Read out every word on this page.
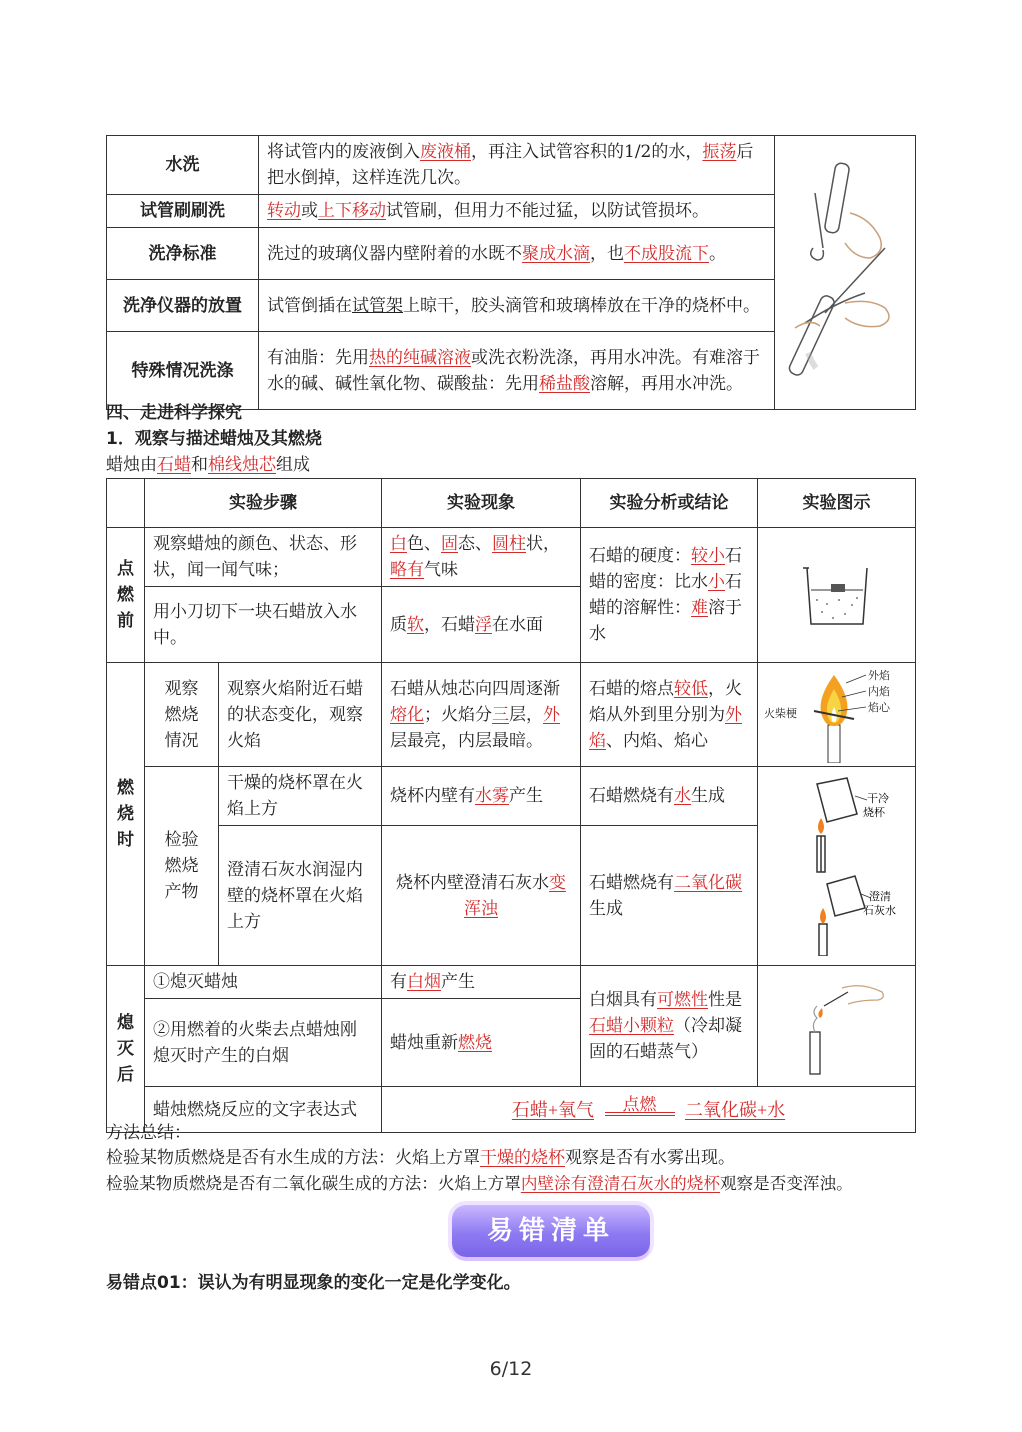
水洗	将试管内的废液倒入废液桶，再注入试管容积的1/2的水，振荡后把水倒掉，这样连洗几次。	

试管刷刷洗	转动或上下移动试管刷，但用力不能过猛，以防试管损坏。	
洗净标准	洗过的玻璃仪器内壁附着的水既不聚成水滴，也不成股流下。	
洗净仪器的放置	试管倒插在试管架上晾干，胶头滴管和玻璃棒放在干净的烧杯中。	
特殊情况洗涤	有油脂：先用热的纯碱溶液或洗衣粉洗涤，再用水冲洗。有难溶于水的碱、碱性氧化物、碳酸盐：先用稀盐酸溶解，再用水冲洗。	
四、走进科学探究
1．观察与描述蜡烛及其燃烧
蜡烛由石蜡和棉线烛芯组成
	实验步骤		实验现象	实验分析或结论	实验图示

点燃前	观察蜡烛的颜色、状态、形状，闻一闻气味；		白色、固态、圆柱状，略有气味	石蜡的硬度：较小石蜡的密度：比水小石蜡的溶解性：难溶于水	

	用小刀切下一块石蜡放入水中。		质软，石蜡浮在水面		

燃烧时	观察燃烧情况	观察火焰附近石蜡的状态变化，观察火焰	石蜡从烛芯向四周逐渐熔化；火焰分三层，外层最亮，内层最暗。	石蜡的熔点较低，火焰从外到里分别为外焰、内焰、焰心	外焰
内焰
焰心
火柴梗

	检验燃烧产物	干燥的烧杯罩在火焰上方	烧杯内壁有水雾产生	石蜡燃烧有水生成	干冷
烧杯
澄清
石灰水

		澄清石灰水润湿内壁的烧杯罩在火焰上方	烧杯内壁澄清石灰水变浑浊	石蜡燃烧有二氧化碳生成	

熄灭后	①熄灭蜡烛		有白烟产生	白烟具有可燃性性是石蜡小颗粒（冷却凝固的石蜡蒸气）	

	②用燃着的火柴去点蜡烛刚熄灭时产生的白烟		蜡烛重新燃烧		
	蜡烛燃烧反应的文字表达式		石蜡+氧气 点燃 二氧化碳+水		
方法总结：
检验某物质燃烧是否有水生成的方法：火焰上方罩干燥的烧杯观察是否有水雾出现。
检验某物质燃烧是否有二氧化碳生成的方法：火焰上方罩内壁涂有澄清石灰水的烧杯观察是否变浑浊。
易错清单
易错点01：误认为有明显现象的变化一定是化学变化。
6/12
